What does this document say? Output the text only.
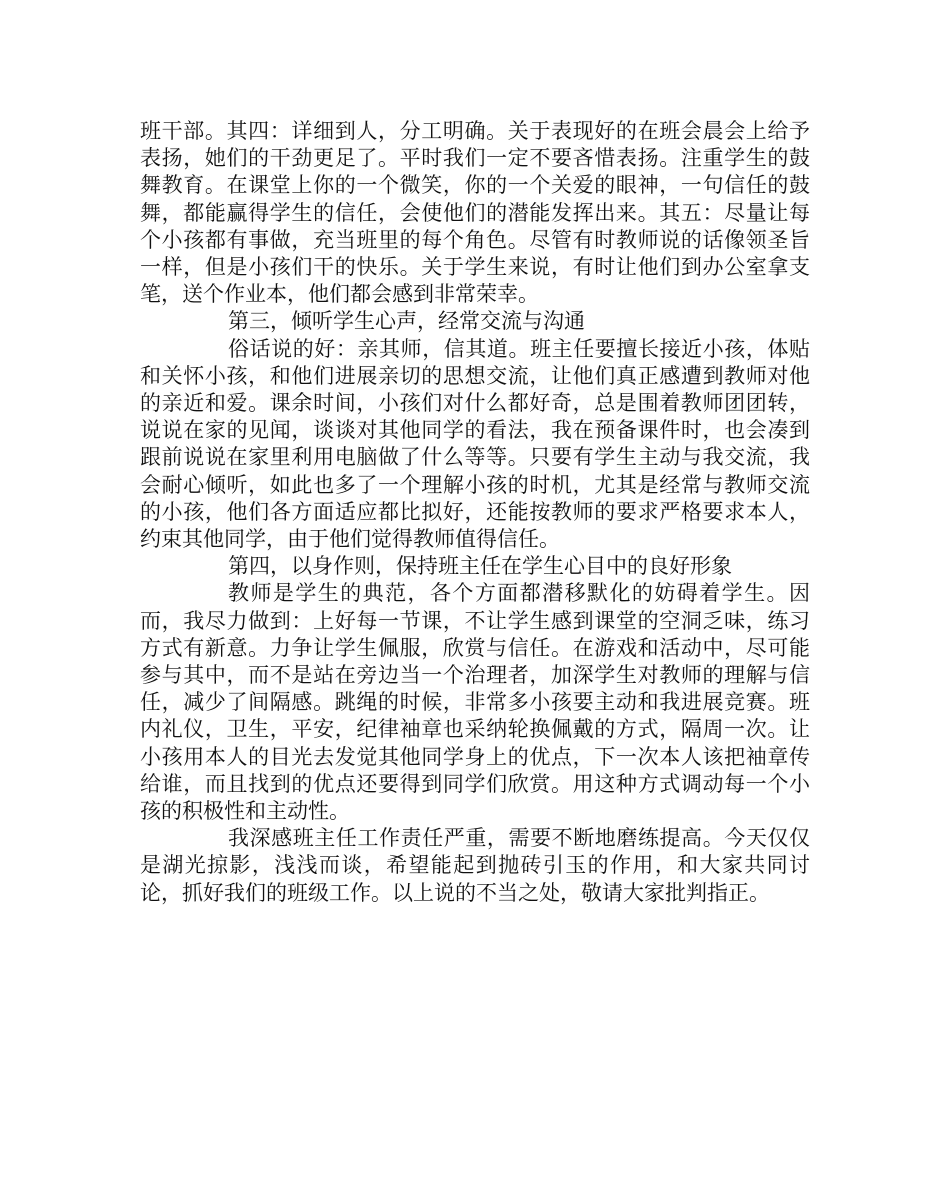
班干部。其四：详细到人，分工明确。关于表现好的在班会晨会上给予表扬，她们的干劲更足了。平时我们一定不要吝惜表扬。注重学生的鼓舞教育。在课堂上你的一个微笑，你的一个关爱的眼神，一句信任的鼓舞，都能赢得学生的信任，会使他们的潜能发挥出来。其五：尽量让每个小孩都有事做，充当班里的每个角色。尽管有时教师说的话像领圣旨一样，但是小孩们干的快乐。关于学生来说，有时让他们到办公室拿支笔，送个作业本，他们都会感到非常荣幸。

第三，倾听学生心声，经常交流与沟通

俗话说的好：亲其师，信其道。班主任要擅长接近小孩，体贴和关怀小孩，和他们进展亲切的思想交流，让他们真正感遭到教师对他的亲近和爱。课余时间，小孩们对什么都好奇，总是围着教师团团转，说说在家的见闻，谈谈对其他同学的看法，我在预备课件时，也会凑到跟前说说在家里利用电脑做了什么等等。只要有学生主动与我交流，我会耐心倾听，如此也多了一个理解小孩的时机，尤其是经常与教师交流的小孩，他们各方面适应都比拟好，还能按教师的要求严格要求本人，约束其他同学，由于他们觉得教师值得信任。

第四，以身作则，保持班主任在学生心目中的良好形象

教师是学生的典范，各个方面都潜移默化的妨碍着学生。因而，我尽力做到：上好每一节课，不让学生感到课堂的空洞乏味，练习方式有新意。力争让学生佩服，欣赏与信任。在游戏和活动中，尽可能参与其中，而不是站在旁边当一个治理者，加深学生对教师的理解与信任，减少了间隔感。跳绳的时候，非常多小孩要主动和我进展竞赛。班内礼仪，卫生，平安，纪律袖章也采纳轮换佩戴的方式，隔周一次。让小孩用本人的目光去发觉其他同学身上的优点，下一次本人该把袖章传给谁，而且找到的优点还要得到同学们欣赏。用这种方式调动每一个小孩的积极性和主动性。

我深感班主任工作责任严重，需要不断地磨练提高。今天仅仅是湖光掠影，浅浅而谈，希望能起到抛砖引玉的作用，和大家共同讨论，抓好我们的班级工作。以上说的不当之处，敬请大家批判指正。
